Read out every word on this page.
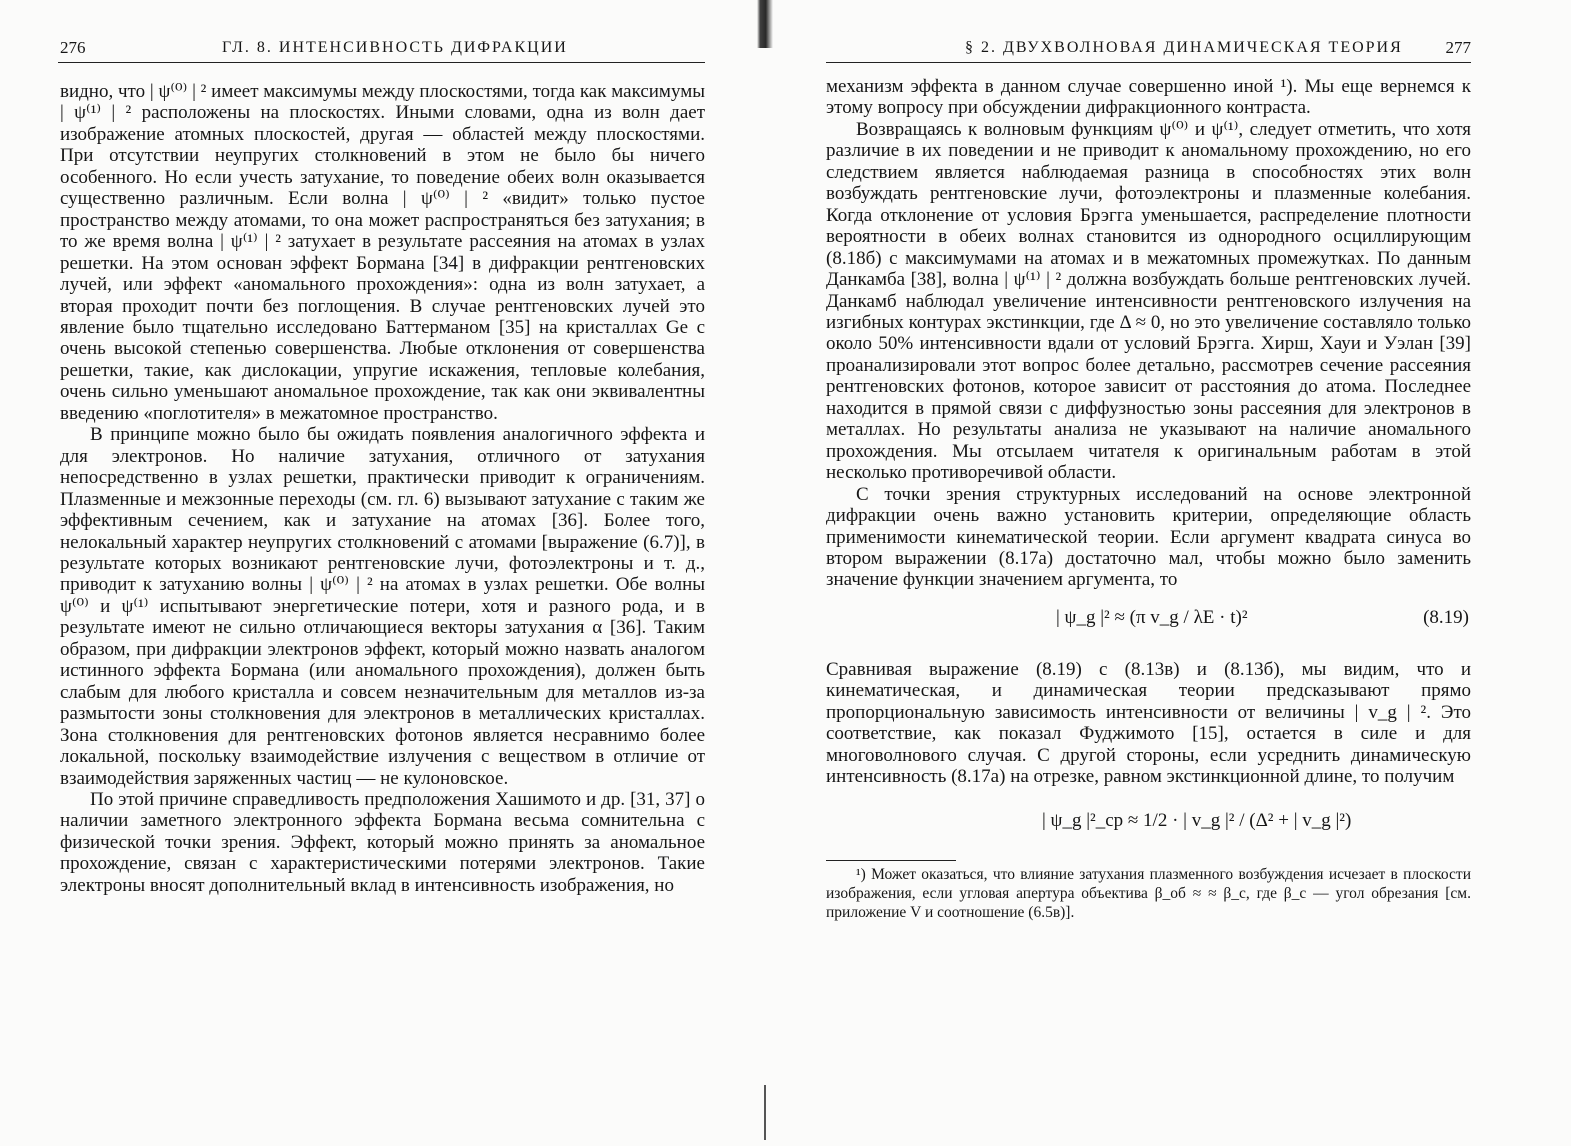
276	ГЛ. 8. ИНТЕНСИВНОСТЬ ДИФРАКЦИИ

видно, что | ψ⁽⁰⁾ | ² имеет максимумы между плоскостями, тогда как максимумы | ψ⁽¹⁾ | ² расположены на плоскостях. Иными словами, одна из волн дает изображение атомных плоскостей, другая — областей между плоскостями. При отсутствии неупругих столкновений в этом не было бы ничего особенного. Но если учесть затухание, то поведение обеих волн оказывается существенно различным. Если волна | ψ⁽⁰⁾ | ² «видит» только пустое пространство между атомами, то она может распространяться без затухания; в то же время волна | ψ⁽¹⁾ | ² затухает в результате рассеяния на атомах в узлах решетки. На этом основан эффект Бормана [34] в дифракции рентгеновских лучей, или эффект «аномального прохождения»: одна из волн затухает, а вторая проходит почти без поглощения. В случае рентгеновских лучей это явление было тщательно исследовано Баттерманом [35] на кристаллах Ge с очень высокой степенью совершенства. Любые отклонения от совершенства решетки, такие, как дислокации, упругие искажения, тепловые колебания, очень сильно уменьшают аномальное прохождение, так как они эквивалентны введению «поглотителя» в межатомное пространство.

В принципе можно было бы ожидать появления аналогичного эффекта и для электронов. Но наличие затухания, отличного от затухания непосредственно в узлах решетки, практически приводит к ограничениям. Плазменные и межзонные переходы (см. гл. 6) вызывают затухание с таким же эффективным сечением, как и затухание на атомах [36]. Более того, нелокальный характер неупругих столкновений с атомами [выражение (6.7)], в результате которых возникают рентгеновские лучи, фотоэлектроны и т. д., приводит к затуханию волны | ψ⁽⁰⁾ | ² на атомах в узлах решетки. Обе волны ψ⁽⁰⁾ и ψ⁽¹⁾ испытывают энергетические потери, хотя и разного рода, и в результате имеют не сильно отличающиеся векторы затухания α [36]. Таким образом, при дифракции электронов эффект, который можно назвать аналогом истинного эффекта Бормана (или аномального прохождения), должен быть слабым для любого кристалла и совсем незначительным для металлов из-за размытости зоны столкновения для электронов в металлических кристаллах. Зона столкновения для рентгеновских фотонов является несравнимо более локальной, поскольку взаимодействие излучения с веществом в отличие от взаимодействия заряженных частиц — не кулоновское.

По этой причине справедливость предположения Хашимото и др. [31, 37] о наличии заметного электронного эффекта Бормана весьма сомнительна с физической точки зрения. Эффект, который можно принять за аномальное прохождение, связан с характеристическими потерями электронов. Такие электроны вносят дополнительный вклад в интенсивность изображения, но

§ 2. ДВУХВОЛНОВАЯ ДИНАМИЧЕСКАЯ ТЕОРИЯ	277

механизм эффекта в данном случае совершенно иной ¹). Мы еще вернемся к этому вопросу при обсуждении дифракционного контраста.

Возвращаясь к волновым функциям ψ⁽⁰⁾ и ψ⁽¹⁾, следует отметить, что хотя различие в их поведении и не приводит к аномальному прохождению, но его следствием является наблюдаемая разница в способностях этих волн возбуждать рентгеновские лучи, фотоэлектроны и плазменные колебания. Когда отклонение от условия Брэгга уменьшается, распределение плотности вероятности в обеих волнах становится из однородного осциллирующим (8.18б) с максимумами на атомах и в межатомных промежутках. По данным Данкамба [38], волна | ψ⁽¹⁾ | ² должна возбуждать больше рентгеновских лучей. Данкамб наблюдал увеличение интенсивности рентгеновского излучения на изгибных контурах экстинкции, где Δ ≈ 0, но это увеличение составляло только около 50% интенсивности вдали от условий Брэгга. Хирш, Хауи и Уэлан [39] проанализировали этот вопрос более детально, рассмотрев сечение рассеяния рентгеновских фотонов, которое зависит от расстояния до атома. Последнее находится в прямой связи с диффузностью зоны рассеяния для электронов в металлах. Но результаты анализа не указывают на наличие аномального прохождения. Мы отсылаем читателя к оригинальным работам в этой несколько противоречивой области.

С точки зрения структурных исследований на основе электронной дифракции очень важно установить критерии, определяющие область применимости кинематической теории. Если аргумент квадрата синуса во втором выражении (8.17а) достаточно мал, чтобы можно было заменить значение функции значением аргумента, то

| ψ_g |² ≈ (π v_g / λE · t)²	(8.19)

Сравнивая выражение (8.19) с (8.13в) и (8.13б), мы видим, что и кинематическая, и динамическая теории предсказывают прямо пропорциональную зависимость интенсивности от величины | v_g | ². Это соответствие, как показал Фуджимото [15], остается в силе и для многоволнового случая. С другой стороны, если усреднить динамическую интенсивность (8.17а) на отрезке, равном экстинкционной длине, то получим

| ψ_g |²_ср ≈ 1/2 · | v_g |² / (Δ² + | v_g |²)

¹) Может оказаться, что влияние затухания плазменного возбуждения исчезает в плоскости изображения, если угловая апертура объектива β_об ≈ ≈ β_c, где β_c — угол обрезания [см. приложение V и соотношение (6.5в)].
